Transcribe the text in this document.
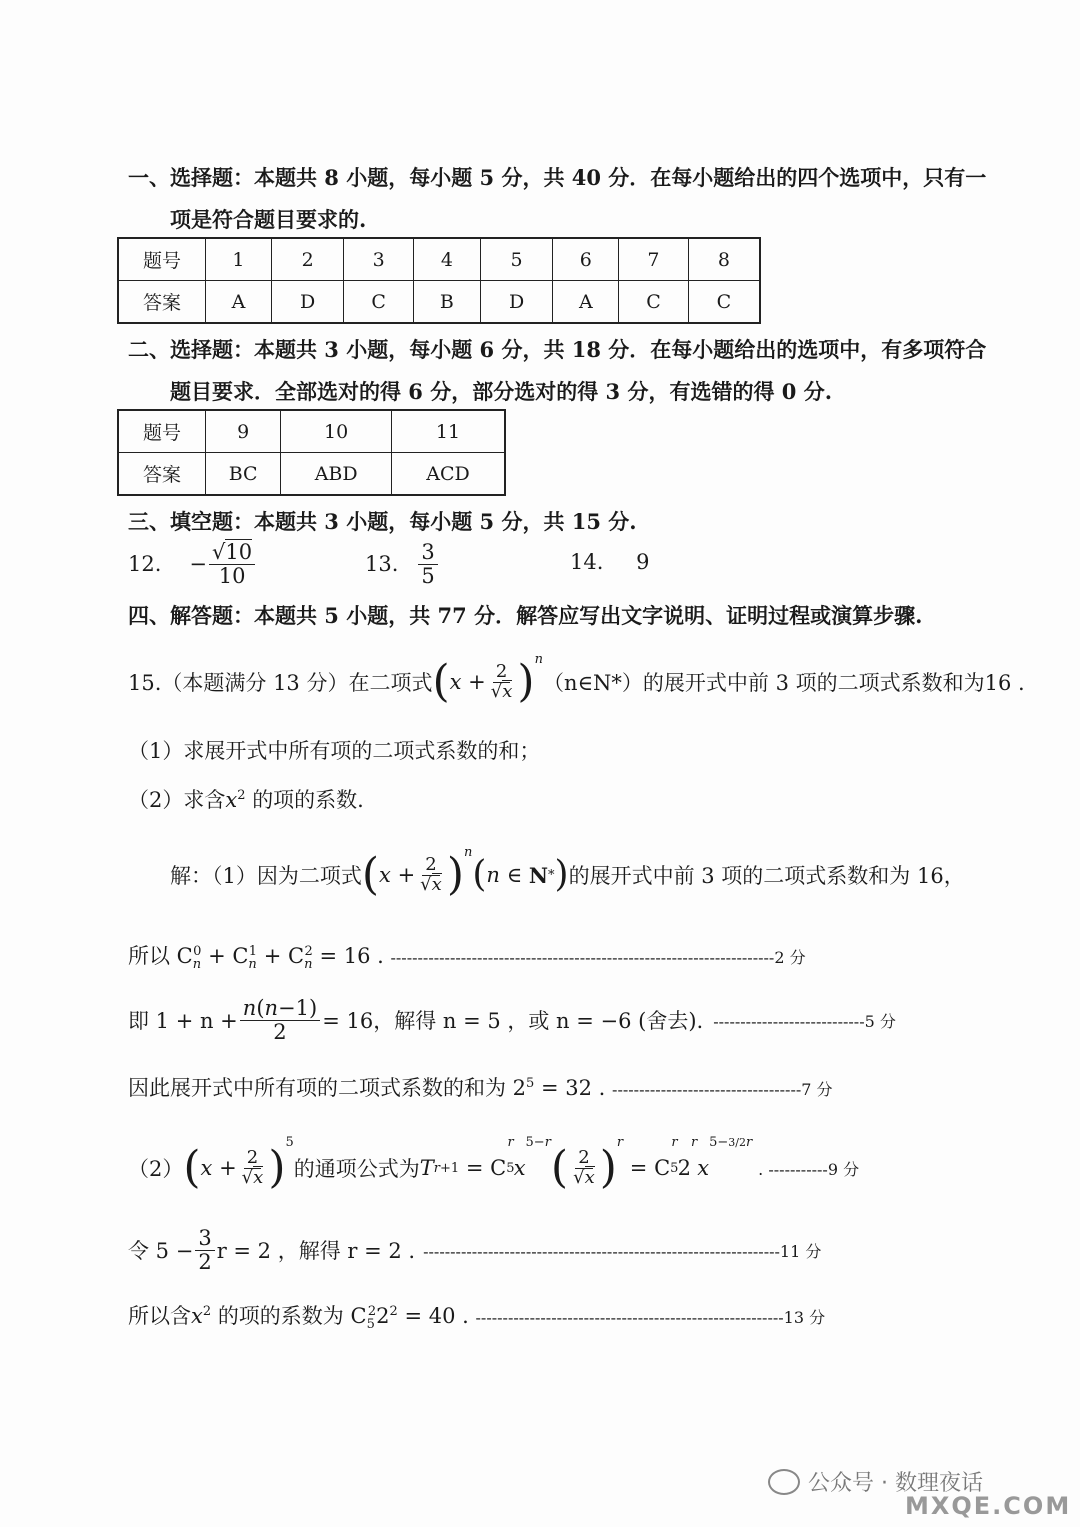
一、选择题：本题共 8 小题，每小题 5 分，共 40 分．在每小题给出的四个选项中，只有一
项是符合题目要求的.
题号	1	2	3	4	5	6	7	8
答案	A	D	C	B	D	A	C	C
二、选择题：本题共 3 小题，每小题 6 分，共 18 分．在每小题给出的选项中，有多项符合
题目要求．全部选对的得 6 分，部分选对的得 3 分，有选错的得 0 分.
题号	9	10	11
答案	BC	ABD	ACD
三、填空题：本题共 3 小题，每小题 5 分，共 15 分.
12. − $\frac{√10}{10}$	13. $\frac{3}{5}$	14. 9
四、解答题：本题共 5 小题，共 77 分．解答应写出文字说明、证明过程或演算步骤.
15.（本题满分 13 分）在二项式 ( $x + \frac{2}{√x} )^n$
（n∈N*） 的展开式中前 3 项的二项式系数和为16 .
（1）求展开式中所有项的二项式系数的和；
（2）求含$x^2$ 的项的系数.
解：（1）因为二项式 ( $x + \frac{2}{√x} )^n$
( n ∈ N * ) 的展开式中前 3 项的二项式系数和为 16，
所以 $C_n^0 + C_n^1 + C_n^2 = 16$ . -----------------------------------------------------------------------2 分
即 $1 + n + \frac{n(n-1)}{2} = 16$，解得 n = 5 ，或 n = −6 (舍去). ----------------------------5 分
因此展开式中所有项的二项式系数的和为 $2^5 = 32$ . -----------------------------------7 分
（2） ( $x + \frac{2}{√x} )^5$
的通项公式为 T r+1 = C 5
r
x
5−r ( $\frac{2}{√x} )^r$
= C 5
r
2
r
x
5−3/2r
. -----------9 分
令 $5 - \frac{3}{2}$ r = 2 ，解得 r = 2 . ------------------------------------------------------------------11 分
所以含$x^2$ 的项的系数为 $C_5^22^2 = 40$ . ---------------------------------------------------------13 分
公众号 · 数理夜话
MXQE.COM
